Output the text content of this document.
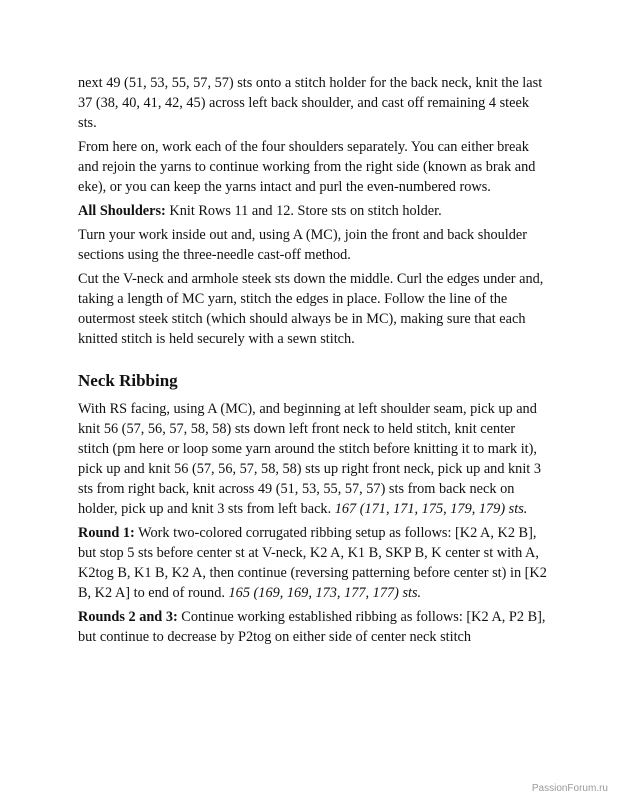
next 49 (51, 53, 55, 57, 57) sts onto a stitch holder for the back neck, knit the last 37 (38, 40, 41, 42, 45) across left back shoulder, and cast off remaining 4 steek sts.

From here on, work each of the four shoulders separately. You can either break and rejoin the yarns to continue working from the right side (known as brak and eke), or you can keep the yarns intact and purl the even-numbered rows.

All Shoulders: Knit Rows 11 and 12. Store sts on stitch holder.

Turn your work inside out and, using A (MC), join the front and back shoulder sections using the three-needle cast-off method.

Cut the V-neck and armhole steek sts down the middle. Curl the edges under and, taking a length of MC yarn, stitch the edges in place. Follow the line of the outermost steek stitch (which should always be in MC), making sure that each knitted stitch is held securely with a sewn stitch.

Neck Ribbing

With RS facing, using A (MC), and beginning at left shoulder seam, pick up and knit 56 (57, 56, 57, 58, 58) sts down left front neck to held stitch, knit center stitch (pm here or loop some yarn around the stitch before knitting it to mark it), pick up and knit 56 (57, 56, 57, 58, 58) sts up right front neck, pick up and knit 3 sts from right back, knit across 49 (51, 53, 55, 57, 57) sts from back neck on holder, pick up and knit 3 sts from left back. 167 (171, 171, 175, 179, 179) sts.

Round 1: Work two-colored corrugated ribbing setup as follows: [K2 A, K2 B], but stop 5 sts before center st at V-neck, K2 A, K1 B, SKP B, K center st with A, K2tog B, K1 B, K2 A, then continue (reversing patterning before center st) in [K2 B, K2 A] to end of round. 165 (169, 169, 173, 177, 177) sts.

Rounds 2 and 3: Continue working established ribbing as follows: [K2 A, P2 B], but continue to decrease by P2tog on either side of center neck stitch

PassionForum.ru
